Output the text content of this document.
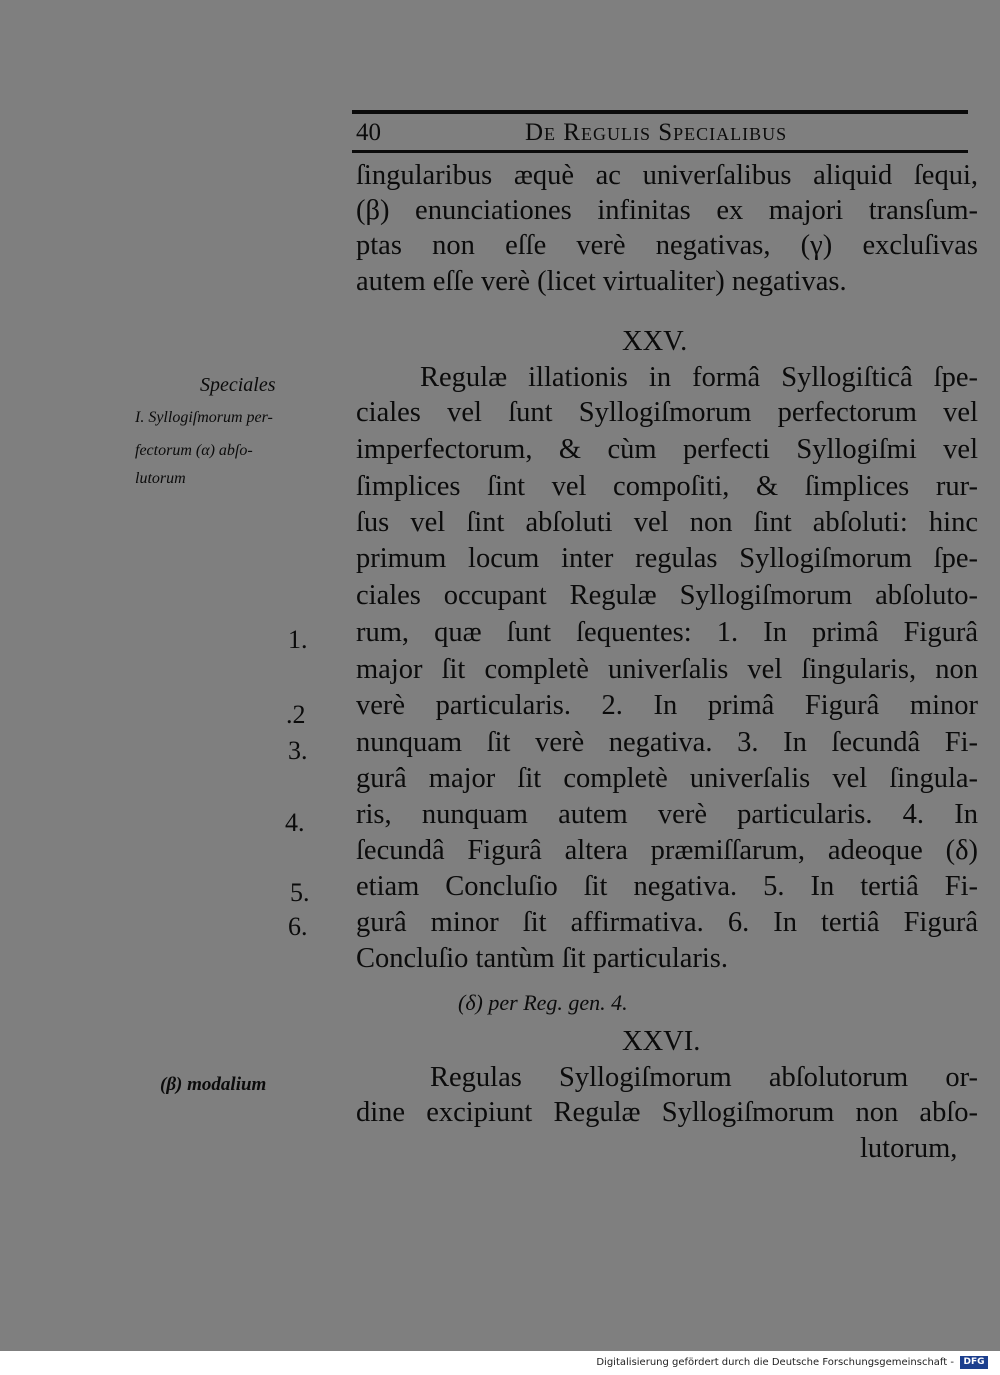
40	De Regulis Specialibus
ſingularibus æquè ac univerſalibus aliquid ſequi,
(β) enunciationes infinitas ex majori transſum-
ptas non eſſe verè negativas, (γ) excluſivas
autem eſſe verè (licet virtualiter) negativas.
XXV.
Regulæ illationis in formâ Syllogiſticâ ſpe-
ciales vel ſunt Syllogiſmorum perfectorum vel
imperfectorum, & cùm perfecti Syllogiſmi vel
ſimplices ſint vel compoſiti, & ſimplices rur-
ſus vel ſint abſoluti vel non ſint abſoluti: hinc
primum locum inter regulas Syllogiſmorum ſpe-
ciales occupant Regulæ Syllogiſmorum abſoluto-
rum, quæ ſunt ſequentes: 1. In primâ Figurâ
major ſit completè univerſalis vel ſingularis, non
verè particularis. 2. In primâ Figurâ minor
nunquam ſit verè negativa. 3. In ſecundâ Fi-
gurâ major ſit completè univerſalis vel ſingula-
ris, nunquam autem verè particularis. 4. In
ſecundâ Figurâ altera præmiſſarum, adeoque (δ)
etiam Concluſio ſit negativa. 5. In tertiâ Fi-
gurâ minor ſit affirmativa. 6. In tertiâ Figurâ
Concluſio tantùm ſit particularis.
(δ) per Reg. gen. 4.
XXVI.
Regulas Syllogiſmorum abſolutorum or-
dine excipiunt Regulæ Syllogiſmorum non abſo-
lutorum,
Speciales
I. Syllogiſmorum per-
fectorum (α) abſo-
lutorum
(β) modalium
1.
.2
3.
4.
5.
6.
Digitalisierung gefördert durch die Deutsche Forschungsgemeinschaft -	DFG
